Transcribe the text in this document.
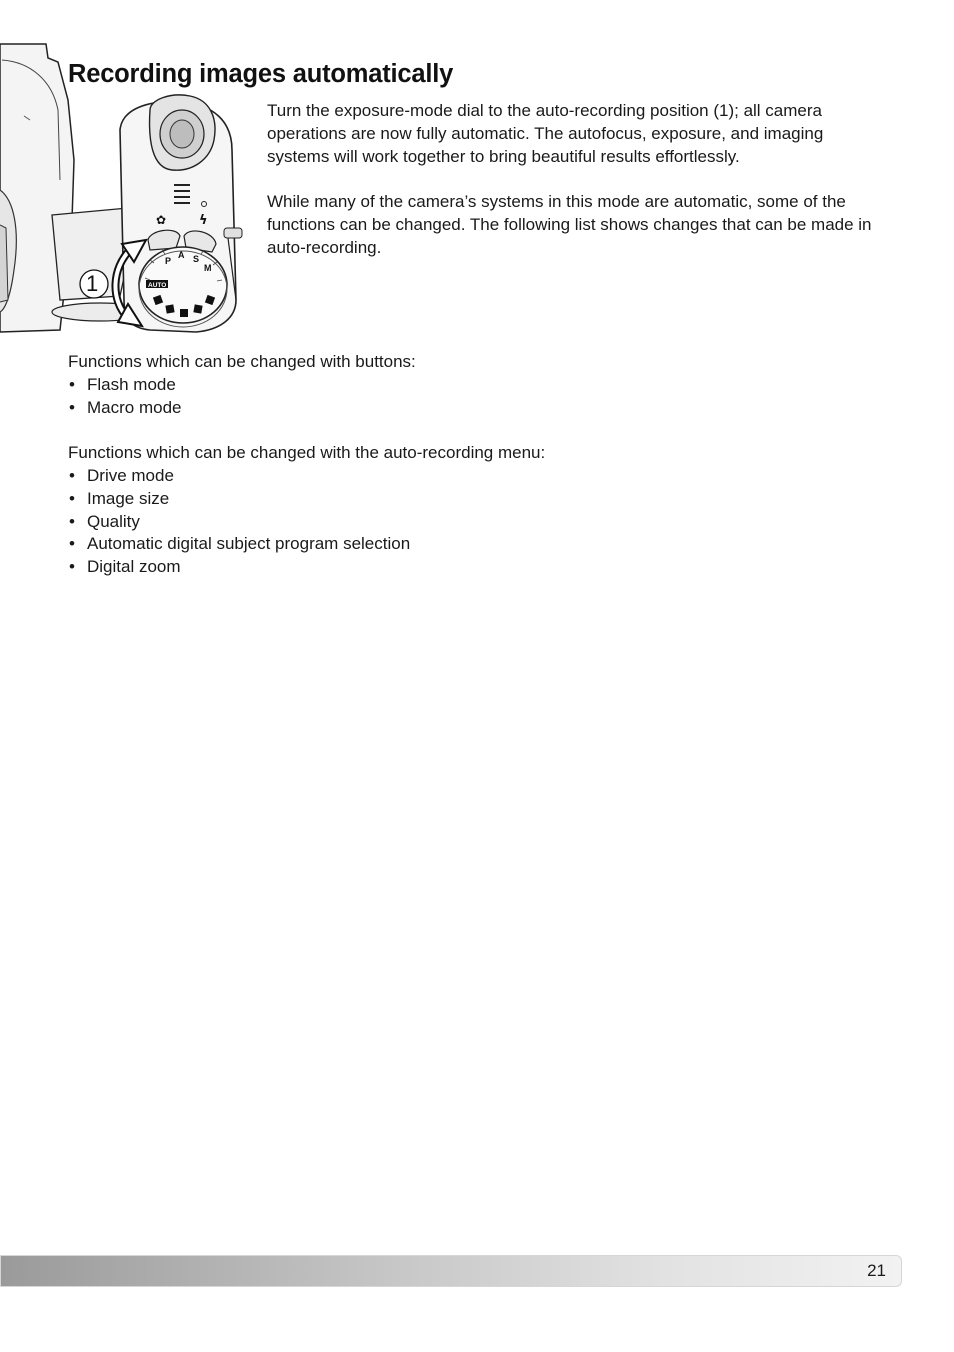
Recording images automatically
✿	ϟ
P
A S
M
AUTO
1

Turn the exposure-mode dial to the auto-recording position (1); all camera operations are now fully automatic. The autofocus, exposure, and imaging systems will work together to bring beautiful results effortlessly.

While many of the camera’s systems in this mode are automatic, some of the functions can be changed. The following list shows changes that can be made in auto-recording.

Functions which can be changed with buttons:

• Flash mode
• Macro mode

Functions which can be changed with the auto-recording menu:

• Drive mode
• Image size
• Quality
• Automatic digital subject program selection
• Digital zoom
21
